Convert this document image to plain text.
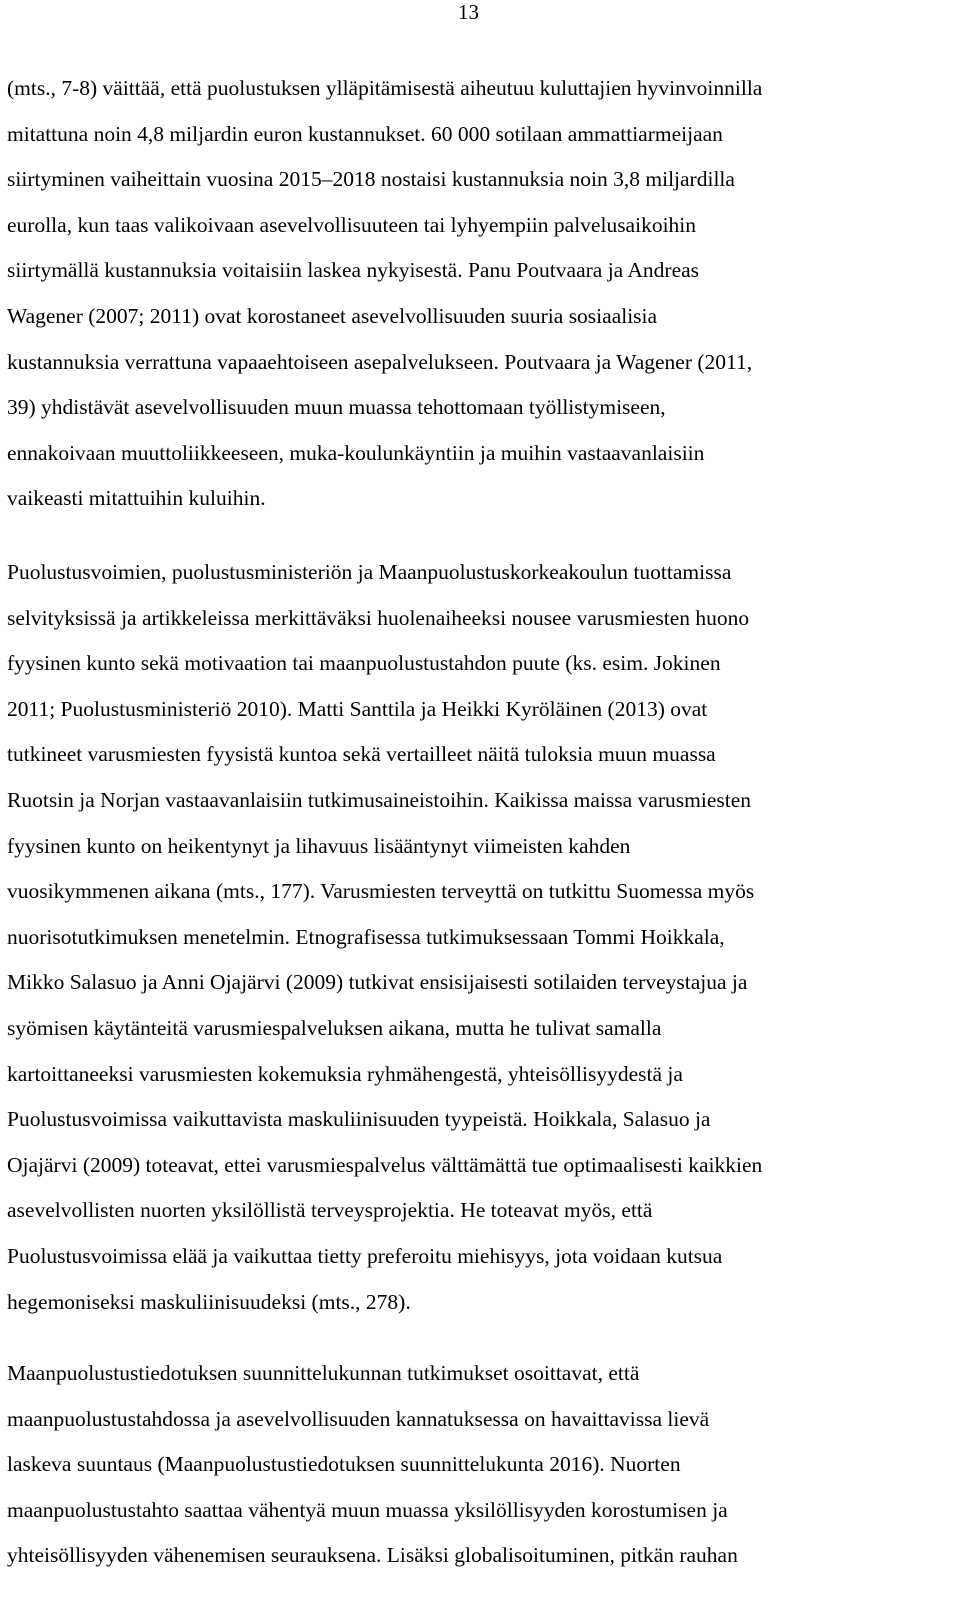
13
(mts., 7-8) väittää, että puolustuksen ylläpitämisestä aiheutuu kuluttajien hyvinvoinnilla
mitattuna noin 4,8 miljardin euron kustannukset. 60 000 sotilaan ammattiarmeijaan
siirtyminen vaiheittain vuosina 2015–2018 nostaisi kustannuksia noin 3,8 miljardilla
eurolla, kun taas valikoivaan asevelvollisuuteen tai lyhyempiin palvelusaikoihin
siirtymällä kustannuksia voitaisiin laskea nykyisestä. Panu Poutvaara ja Andreas
Wagener (2007; 2011) ovat korostaneet asevelvollisuuden suuria sosiaalisia
kustannuksia verrattuna vapaaehtoiseen asepalvelukseen. Poutvaara ja Wagener (2011,
39) yhdistävät asevelvollisuuden muun muassa tehottomaan työllistymiseen,
ennakoivaan muuttoliikkeeseen, muka-koulunkäyntiin ja muihin vastaavanlaisiin
vaikeasti mitattuihin kuluihin.
Puolustusvoimien, puolustusministeriön ja Maanpuolustuskorkeakoulun tuottamissa
selvityksissä ja artikkeleissa merkittäväksi huolenaiheeksi nousee varusmiesten huono
fyysinen kunto sekä motivaation tai maanpuolustustahdon puute (ks. esim. Jokinen
2011; Puolustusministeriö 2010). Matti Santtila ja Heikki Kyröläinen (2013) ovat
tutkineet varusmiesten fyysistä kuntoa sekä vertailleet näitä tuloksia muun muassa
Ruotsin ja Norjan vastaavanlaisiin tutkimusaineistoihin. Kaikissa maissa varusmiesten
fyysinen kunto on heikentynyt ja lihavuus lisääntynyt viimeisten kahden
vuosikymmenen aikana (mts., 177). Varusmiesten terveyttä on tutkittu Suomessa myös
nuorisotutkimuksen menetelmin. Etnografisessa tutkimuksessaan Tommi Hoikkala,
Mikko Salasuo ja Anni Ojajärvi (2009) tutkivat ensisijaisesti sotilaiden terveystajua ja
syömisen käytänteitä varusmiespalveluksen aikana, mutta he tulivat samalla
kartoittaneeksi varusmiesten kokemuksia ryhmähengestä, yhteisöllisyydestä ja
Puolustusvoimissa vaikuttavista maskuliinisuuden tyypeistä. Hoikkala, Salasuo ja
Ojajärvi (2009) toteavat, ettei varusmiespalvelus välttämättä tue optimaalisesti kaikkien
asevelvollisten nuorten yksilöllistä terveysprojektia. He toteavat myös, että
Puolustusvoimissa elää ja vaikuttaa tietty preferoitu miehisyys, jota voidaan kutsua
hegemoniseksi maskuliinisuudeksi (mts., 278).
Maanpuolustustiedotuksen suunnittelukunnan tutkimukset osoittavat, että
maanpuolustustahdossa ja asevelvollisuuden kannatuksessa on havaittavissa lievä
laskeva suuntaus (Maanpuolustustiedotuksen suunnittelukunta 2016). Nuorten
maanpuolustustahto saattaa vähentyä muun muassa yksilöllisyyden korostumisen ja
yhteisöllisyyden vähenemisen seurauksena. Lisäksi globalisoituminen, pitkän rauhan
